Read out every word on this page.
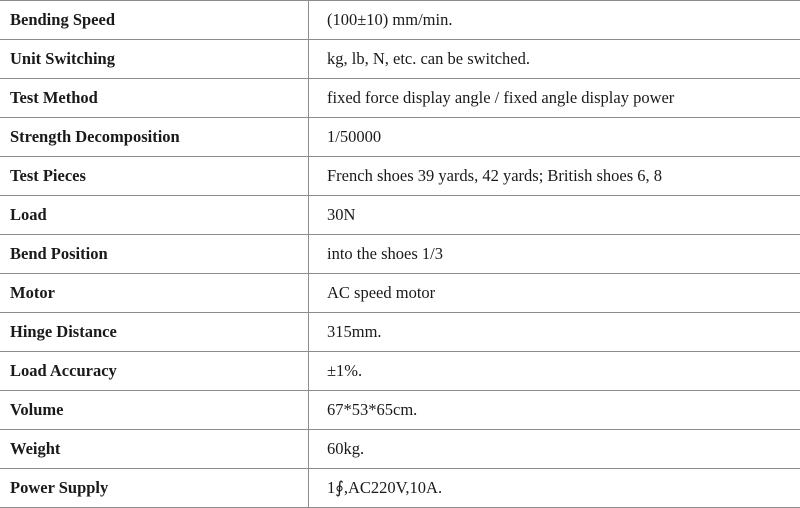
Bending Speed	(100±10) mm/min.
Unit Switching	kg, lb, N, etc. can be switched.
Test Method	fixed force display angle / fixed angle display power
Strength Decomposition	1/50000
Test Pieces	French shoes 39 yards, 42 yards; British shoes 6, 8
Load	30N
Bend Position	into the shoes 1/3
Motor	AC speed motor
Hinge Distance	315mm.
Load Accuracy	±1%.
Volume	67*53*65cm.
Weight	60kg.
Power Supply	1∮,AC220V,10A.
